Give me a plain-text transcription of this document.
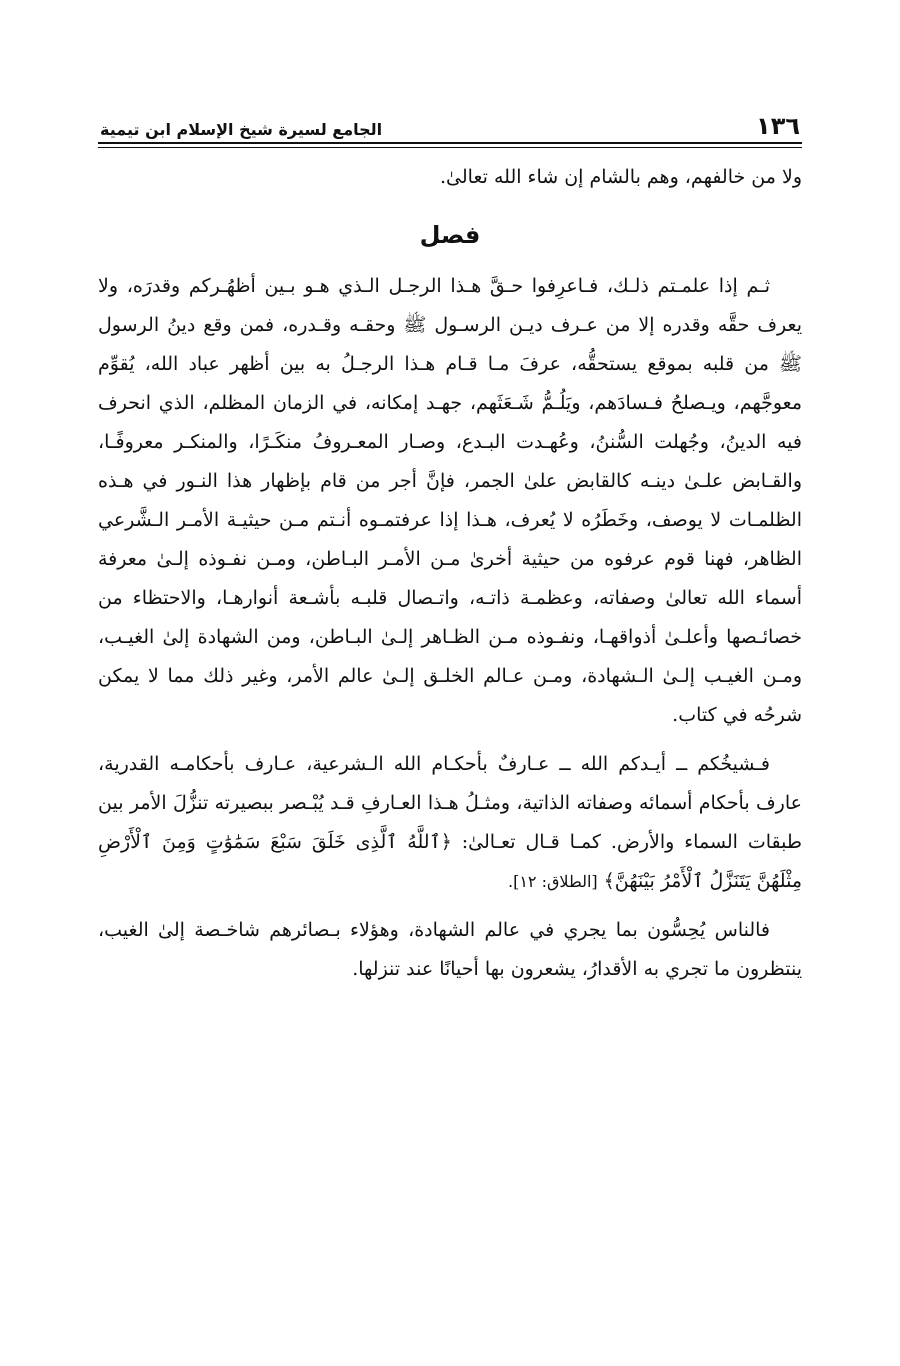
١٣٦
الجامع لسيرة شيخ الإسلام ابن تيمية

ولا من خالفهم، وهم بالشام إن شاء الله تعالىٰ.

فصل

ثـم إذا علمـتم ذلـك، فـاعرِفوا حـقَّ هـذا الرجـل الـذي هـو بـين أظهُـركم وقدرَه، ولا يعرف حقَّه وقدره إلا من عـرف ديـن الرسـول ﷺ وحقـه وقـدره، فمن وقع دينُ الرسول ﷺ من قلبه بموقع يستحقُّه، عرفَ مـا قـام هـذا الرجـلُ به بين أظهر عباد الله، يُقوِّم معوجَّهم، ويـصلحُ فـسادَهم، ويَلُـمُّ شَـعَثَهم، جهـد إمكانه، في الزمان المظلم، الذي انحرف فيه الدينُ، وجُهلت السُّننُ، وعُهـدت البـدع، وصـار المعـروفُ منكَـرًا، والمنكـر معروفًـا، والقـابض علـىٰ دينـه كالقابض علىٰ الجمر، فإنَّ أجر من قام بإظهار هذا النـور في هـذه الظلمـات لا يوصف، وخَطَرُه لا يُعرف، هـذا إذا عرفتمـوه أنـتم مـن حيثيـة الأمـر الـشَّرعي الظاهر، فهنا قوم عرفوه من حيثية أخرىٰ مـن الأمـر البـاطن، ومـن نفـوذه إلـىٰ معرفة أسماء الله تعالىٰ وصفاته، وعظمـة ذاتـه، واتـصال قلبـه بأشـعة أنوارهـا، والاحتظاء من خصائـصها وأعلـىٰ أذواقهـا، ونفـوذه مـن الظـاهر إلـىٰ البـاطن، ومن الشهادة إلىٰ الغيـب، ومـن الغيـب إلـىٰ الـشهادة، ومـن عـالم الخلـق إلـىٰ عالم الأمر، وغير ذلك مما لا يمكن شرحُه في كتاب.

فـشيخُكم ــ أيـدكم الله ــ عـارفٌ بأحكـام الله الـشرعية، عـارف بأحكامـه القدرية، عارف بأحكام أسمائه وصفاته الذاتية، ومثـلُ هـذا العـارفِ قـد يُبْـصر ببصيرته تنزُّلَ الأمر بين طبقات السماء والأرض. كمـا قـال تعـالىٰ: ﴿ٱللَّهُ ٱلَّذِى خَلَقَ سَبْعَ سَمَٰوَٰتٍ وَمِنَ ٱلْأَرْضِ مِثْلَهُنَّ يَتَنَزَّلُ ٱلْأَمْرُ بَيْنَهُنَّ﴾ [الطلاق: ١٢].

فالناس يُحِسُّون بما يجري في عالم الشهادة، وهؤلاء بـصائرهم شاخـصة إلىٰ الغيب، ينتظرون ما تجري به الأقدارُ، يشعرون بها أحيانًا عند تنزلها.
